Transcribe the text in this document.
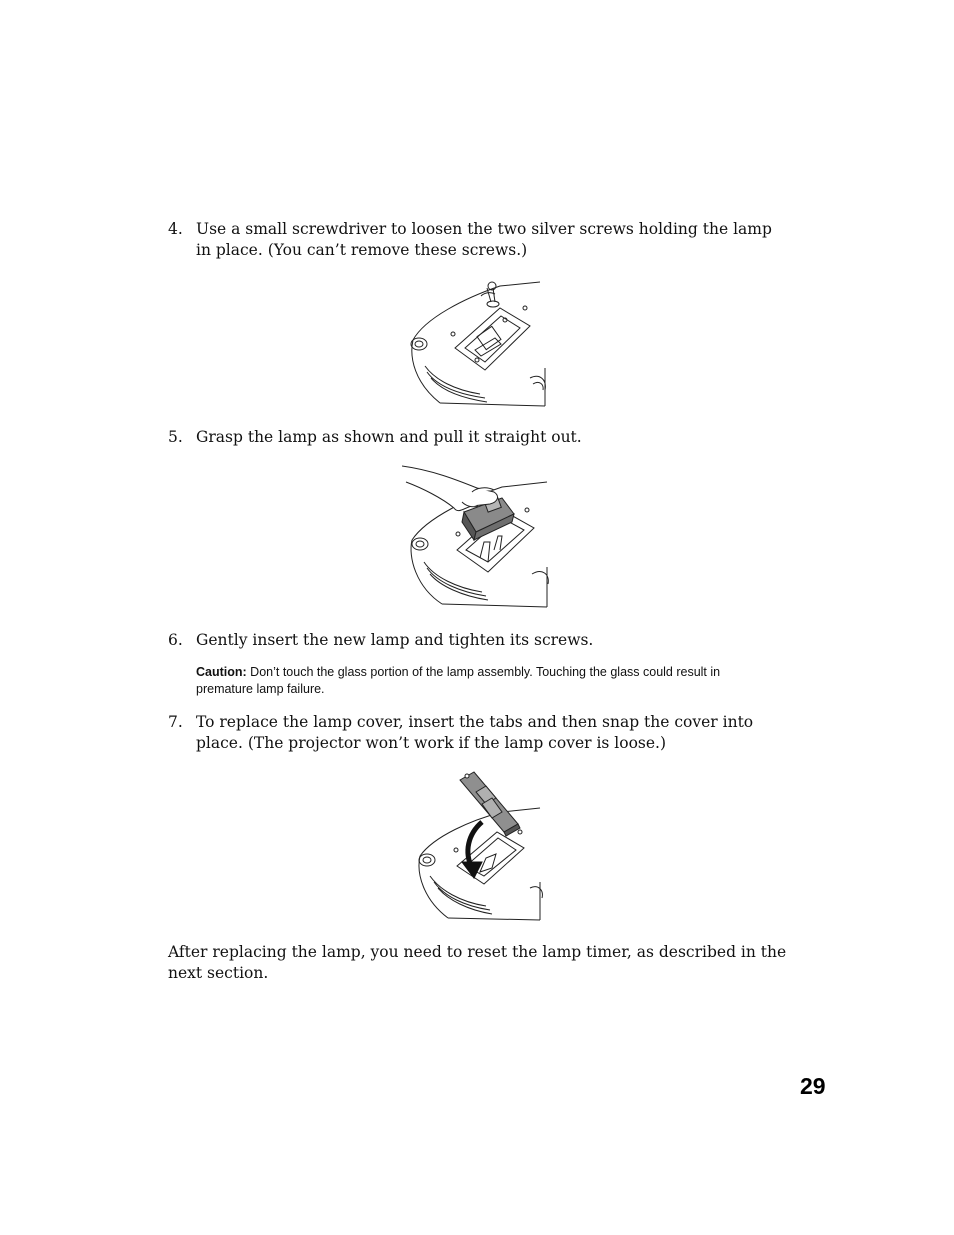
4. Use a small screwdriver to loosen the two silver screws holding the lamp in place. (You can’t remove these screws.)
5. Grasp the lamp as shown and pull it straight out.
6. Gently insert the new lamp and tighten its screws.
Caution: Don’t touch the glass portion of the lamp assembly. Touching the glass could result in premature lamp failure.
7. To replace the lamp cover, insert the tabs and then snap the cover into place. (The projector won’t work if the lamp cover is loose.)
After replacing the lamp, you need to reset the lamp timer, as described in the next section.
29
